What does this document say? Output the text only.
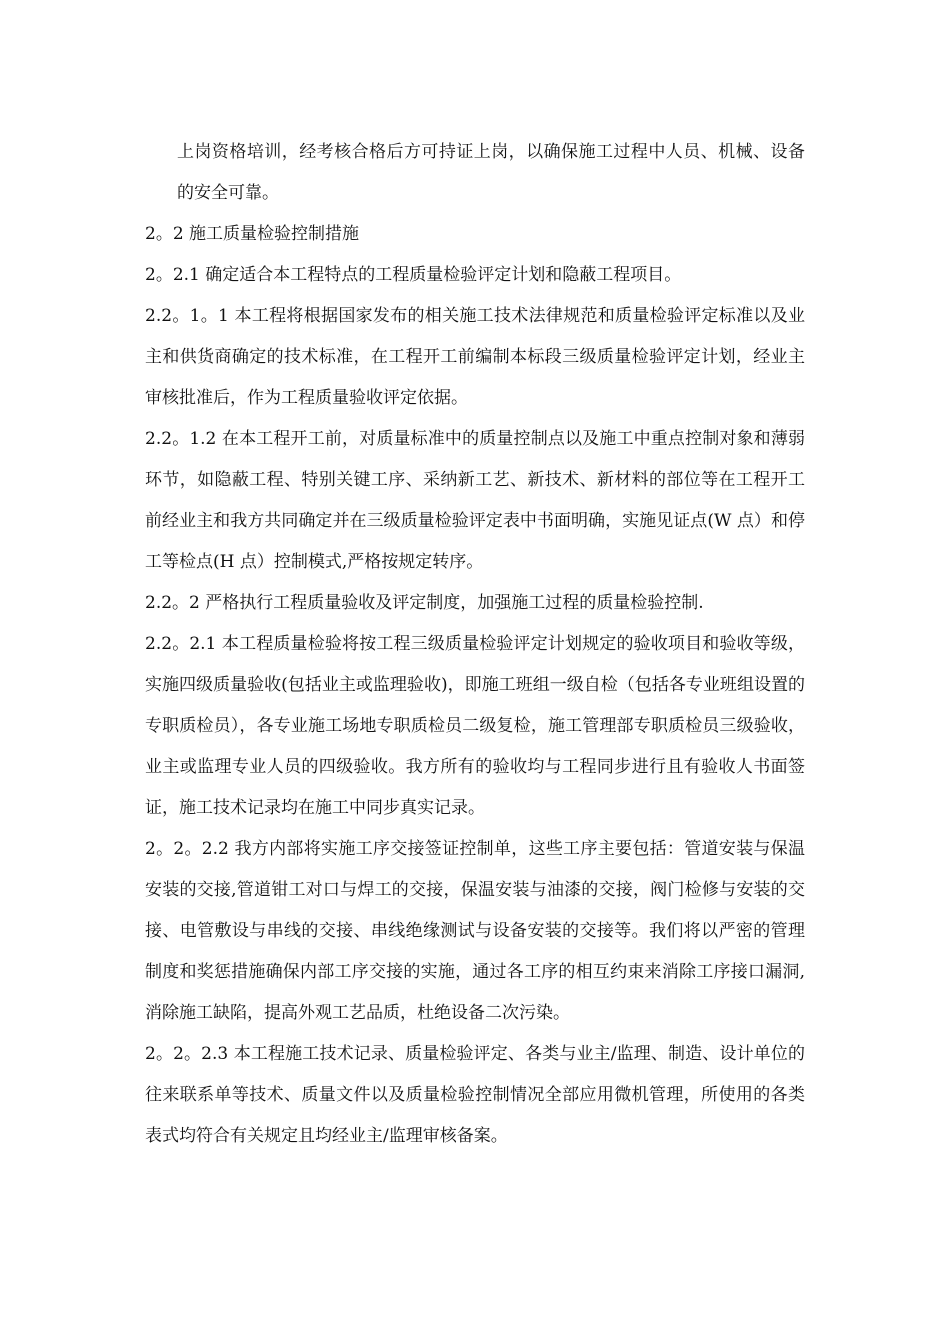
上岗资格培训，经考核合格后方可持证上岗，以确保施工过程中人员、机械、设备的安全可靠。

2。2 施工质量检验控制措施

2。2.1 确定适合本工程特点的工程质量检验评定计划和隐蔽工程项目。

2.2。1。1 本工程将根据国家发布的相关施工技术法律规范和质量检验评定标准以及业主和供货商确定的技术标准，在工程开工前编制本标段三级质量检验评定计划，经业主审核批准后，作为工程质量验收评定依据。

2.2。1.2 在本工程开工前，对质量标准中的质量控制点以及施工中重点控制对象和薄弱环节，如隐蔽工程、特别关键工序、采纳新工艺、新技术、新材料的部位等在工程开工前经业主和我方共同确定并在三级质量检验评定表中书面明确，实施见证点(W 点）和停工等检点(H 点）控制模式,严格按规定转序。

2.2。2 严格执行工程质量验收及评定制度，加强施工过程的质量检验控制.

2.2。2.1 本工程质量检验将按工程三级质量检验评定计划规定的验收项目和验收等级，实施四级质量验收(包括业主或监理验收)，即施工班组一级自检（包括各专业班组设置的专职质检员），各专业施工场地专职质检员二级复检，施工管理部专职质检员三级验收，业主或监理专业人员的四级验收。我方所有的验收均与工程同步进行且有验收人书面签证，施工技术记录均在施工中同步真实记录。

2。2。2.2 我方内部将实施工序交接签证控制单，这些工序主要包括：管道安装与保温安装的交接,管道钳工对口与焊工的交接，保温安装与油漆的交接，阀门检修与安装的交接、电管敷设与串线的交接、串线绝缘测试与设备安装的交接等。我们将以严密的管理制度和奖惩措施确保内部工序交接的实施，通过各工序的相互约束来消除工序接口漏洞,消除施工缺陷，提高外观工艺品质，杜绝设备二次污染。

2。2。2.3 本工程施工技术记录、质量检验评定、各类与业主/监理、制造、设计单位的往来联系单等技术、质量文件以及质量检验控制情况全部应用微机管理，所使用的各类表式均符合有关规定且均经业主/监理审核备案。
